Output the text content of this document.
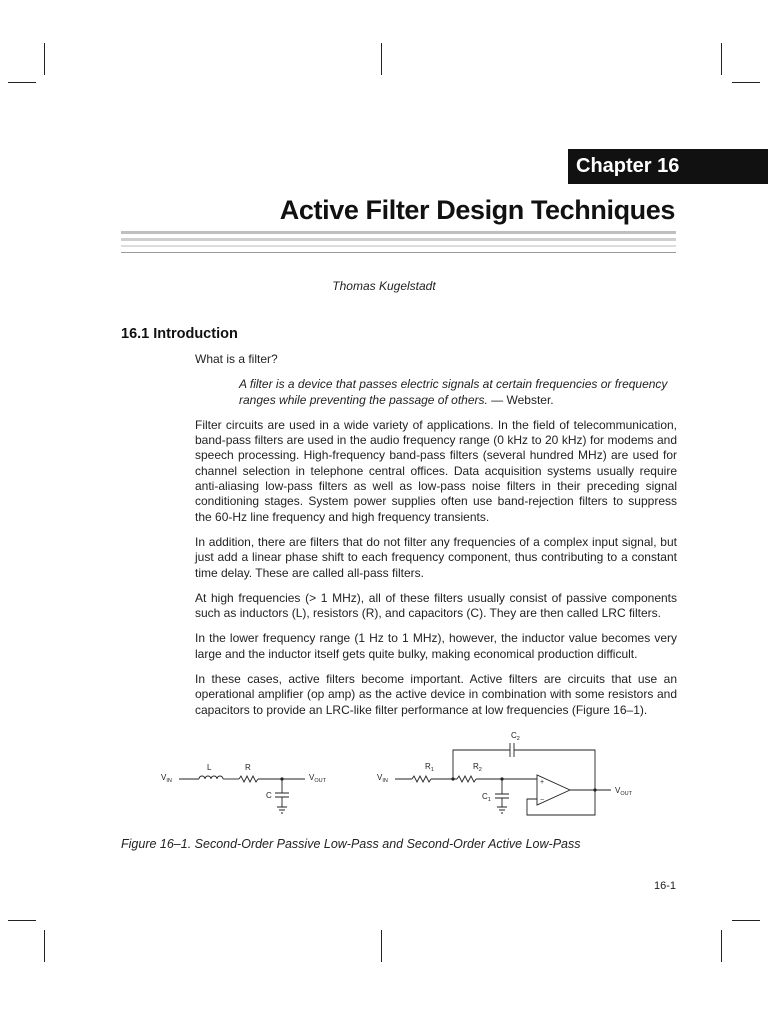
Chapter 16
Active Filter Design Techniques
Thomas Kugelstadt
16.1 Introduction

What is a filter?

A filter is a device that passes electric signals at certain frequencies or frequency ranges while preventing the passage of others. — Webster.

Filter circuits are used in a wide variety of applications. In the field of telecommunication, band-pass filters are used in the audio frequency range (0 kHz to 20 kHz) for modems and speech processing. High-frequency band-pass filters (several hundred MHz) are used for channel selection in telephone central offices. Data acquisition systems usually require anti-aliasing low-pass filters as well as low-pass noise filters in their preceding signal conditioning stages. System power supplies often use band-rejection filters to suppress the 60-Hz line frequency and high frequency transients.

In addition, there are filters that do not filter any frequencies of a complex input signal, but just add a linear phase shift to each frequency component, thus contributing to a constant time delay. These are called all-pass filters.

At high frequencies (> 1 MHz), all of these filters usually consist of passive components such as inductors (L), resistors (R), and capacitors (C). They are then called LRC filters.

In the lower frequency range (1 Hz to 1 MHz), however, the inductor value becomes very large and the inductor itself gets quite bulky, making economical production difficult.

In these cases, active filters become important. Active filters are circuits that use an operational amplifier (op amp) as the active device in combination with some resistors and capacitors to provide an LRC-like filter performance at low frequencies (Figure 16–1).

$V_{IN}$
L	R
C
$V_{OUT}$	$V_{IN}$
$R_1$	$R_2$
$C_1$
$C_2$
+
−
$V_{OUT}$
Figure 16–1. Second-Order Passive Low-Pass and Second-Order Active Low-Pass
16-1
